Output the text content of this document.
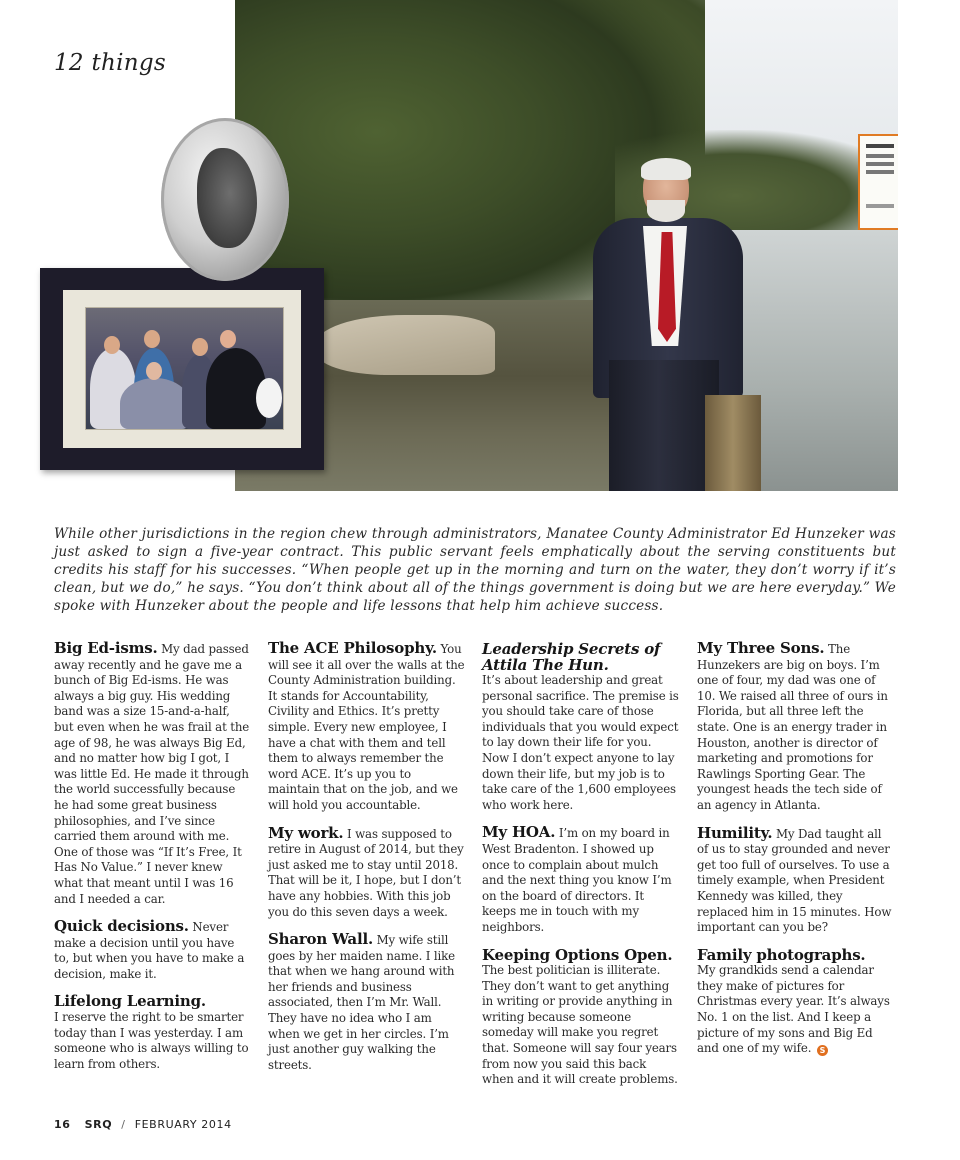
12 things
While other jurisdictions in the region chew through administrators, Manatee County Administrator Ed Hunzeker was just asked to sign a five-year contract. This public servant feels emphatically about the serving constituents but credits his staff for his successes. “When people get up in the morning and turn on the water, they don’t worry if it’s clean, but we do,” he says. “You don’t think about all of the things government is doing but we are here everyday.” We spoke with Hunzeker about the people and life lessons that help him achieve success.

Big Ed-isms. My dad passed away recently and he gave me a bunch of Big Ed-isms. He was always a big guy. His wedding band was a size 15-and-a-half, but even when he was frail at the age of 98, he was always Big Ed, and no matter how big I got, I was little Ed. He made it through the world successfully because he had some great business philosophies, and I’ve since carried them around with me. One of those was “If It’s Free, It Has No Value.” I never knew what that meant until I was 16 and I needed a car.

Quick decisions. Never make a decision until you have to, but when you have to make a decision, make it.

Lifelong Learning.
I reserve the right to be smarter today than I was yesterday. I am someone who is always willing to learn from others.

The ACE Philosophy. You will see it all over the walls at the County Administration building. It stands for Accountability, Civility and Ethics. It’s pretty simple. Every new employee, I have a chat with them and tell them to always remember the word ACE. It’s up you to maintain that on the job, and we will hold you accountable.

My work. I was supposed to retire in August of 2014, but they just asked me to stay until 2018. That will be it, I hope, but I don’t have any hobbies. With this job you do this seven days a week.

Sharon Wall. My wife still goes by her maiden name. I like that when we hang around with her friends and business associated, then I’m Mr. Wall. They have no idea who I am when we get in her circles. I’m just another guy walking the streets.

Leadership Secrets of Attila The Hun.
It’s about leadership and great personal sacrifice. The premise is you should take care of those individuals that you would expect to lay down their life for you. Now I don’t expect anyone to lay down their life, but my job is to take care of the 1,600 employees who work here.

My HOA. I’m on my board in West Bradenton. I showed up once to complain about mulch and the next thing you know I’m on the board of directors. It keeps me in touch with my neighbors.

Keeping Options Open.
The best politician is illiterate. They don’t want to get anything in writing or provide anything in writing because someone someday will make you regret that. Someone will say four years from now you said this back when and it will create problems.

My Three Sons. The Hunzekers are big on boys. I’m one of four, my dad was one of 10. We raised all three of ours in Florida, but all three left the state. One is an energy trader in Houston, another is director of marketing and promotions for Rawlings Sporting Gear. The youngest heads the tech side of an agency in Atlanta.

Humility. My Dad taught all of us to stay grounded and never get too full of ourselves. To use a timely example, when President Kennedy was killed, they replaced him in 15 minutes. How important can you be?

Family photographs.
My grandkids send a calendar they make of pictures for Christmas every year. It’s always No. 1 on the list. And I keep a picture of my sons and Big Ed and one of my wife. S

16 SRQ / FEBRUARY 2014
